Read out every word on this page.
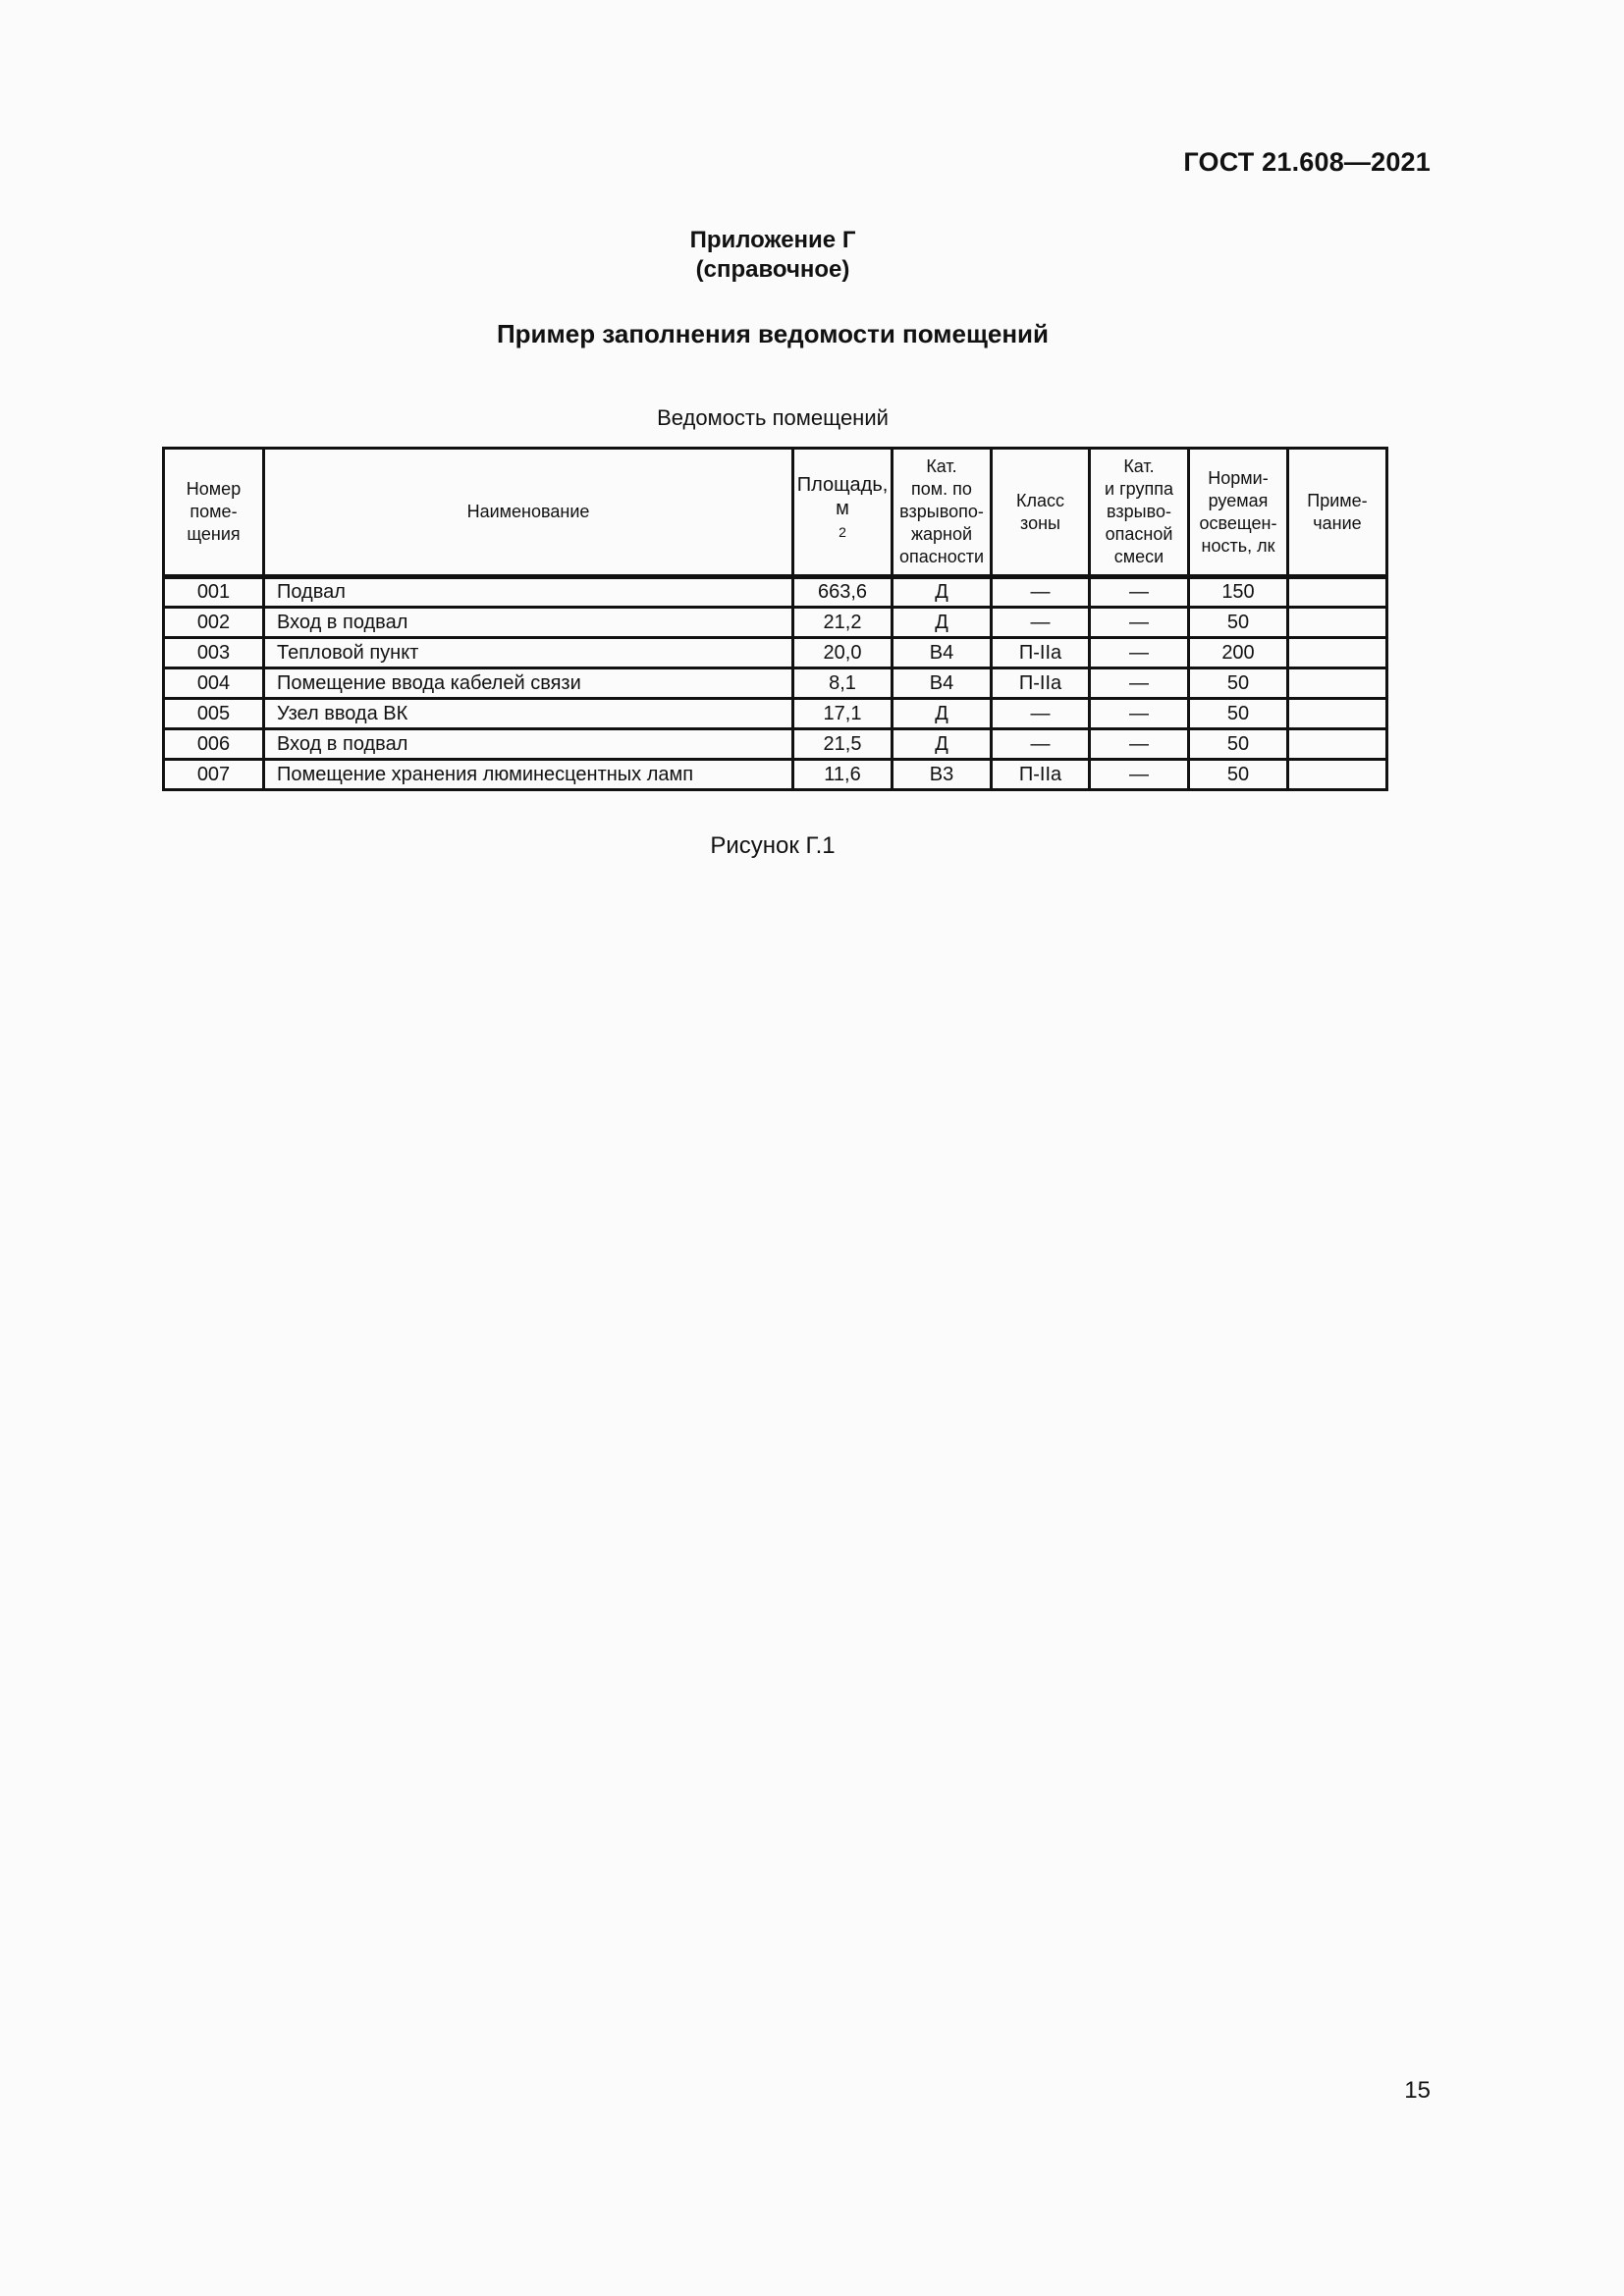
ГОСТ 21.608—2021
Приложение Г
(справочное)
Пример заполнения ведомости помещений
Ведомость помещений
Номер
поме-
щения	Наименование	Площадь,
$м^2$	Кат.
пом. по
взрывопо-
жарной
опасности	Класс
зоны	Кат.
и группа
взрыво-
опасной
смеси	Норми-
руемая
освещен-
ность, лк	Приме-
чание
001	Подвал	663,6	Д	—	—	150	
002	Вход в подвал	21,2	Д	—	—	50	
003	Тепловой пункт	20,0	В4	П-IIа	—	200	
004	Помещение ввода кабелей связи	8,1	В4	П-IIа	—	50	
005	Узел ввода ВК	17,1	Д	—	—	50	
006	Вход в подвал	21,5	Д	—	—	50	
007	Помещение хранения люминесцентных ламп	11,6	В3	П-IIа	—	50	
Рисунок Г.1
15
